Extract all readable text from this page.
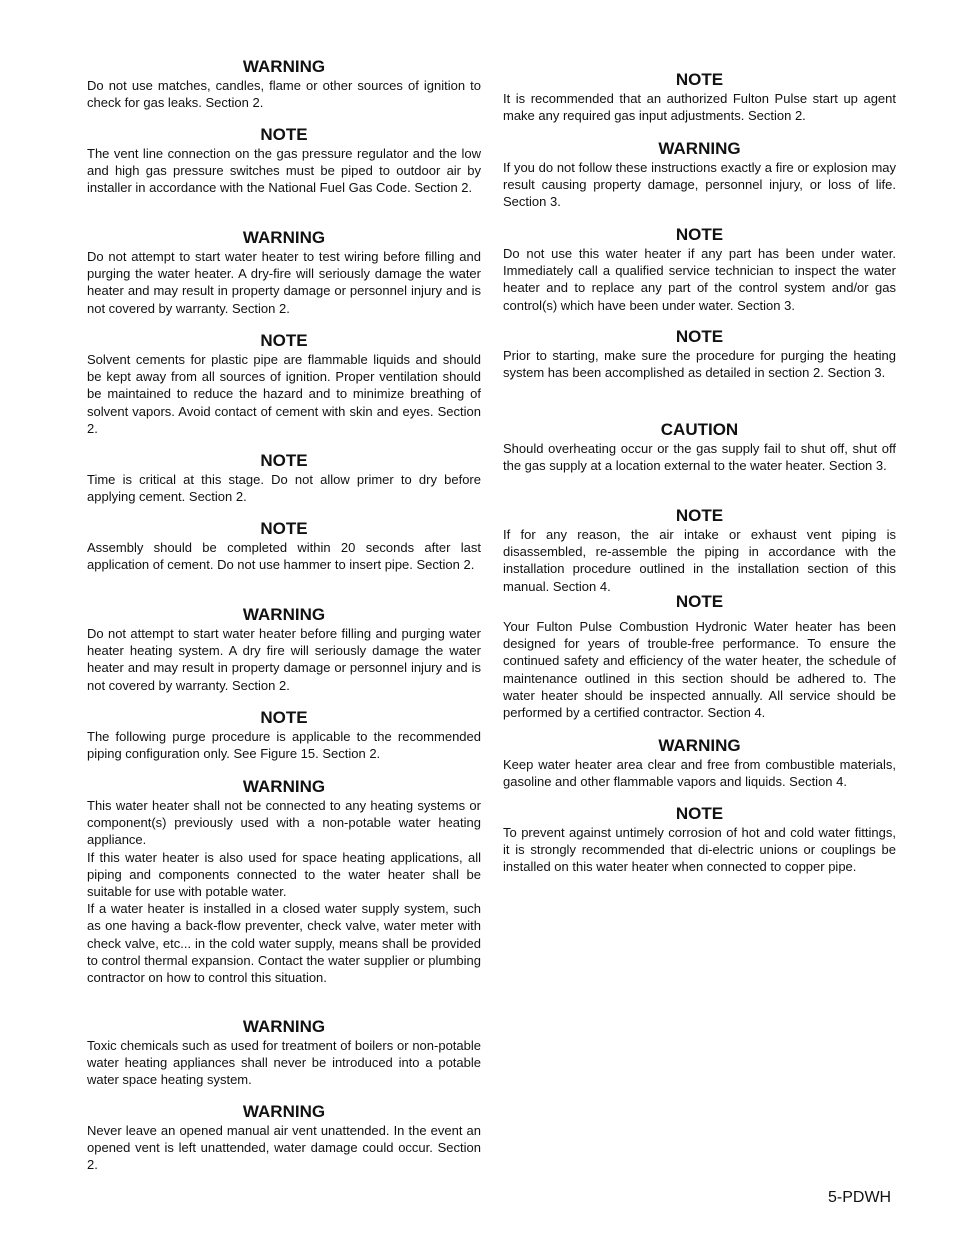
WARNING

Do not use matches, candles, flame or other sources of ignition to check for gas leaks. Section 2.

NOTE

The vent line connection on the gas pressure regulator and the low and high gas pressure switches must be piped to outdoor air by installer in accordance with the National Fuel Gas Code. Section 2.

WARNING

Do not attempt to start water heater to test wiring before filling and purging the water heater. A dry-fire will seriously damage the water heater and may result in property damage or personnel injury and is not covered by warranty. Section 2.

NOTE

Solvent cements for plastic pipe are flammable liquids and should be kept away from all sources of ignition. Proper ventilation should be maintained to reduce the hazard and to minimize breathing of solvent vapors. Avoid contact of cement with skin and eyes. Section 2.

NOTE

Time is critical at this stage. Do not allow primer to dry before applying cement. Section 2.

NOTE

Assembly should be completed within 20 seconds after last application of cement. Do not use hammer to insert pipe. Section 2.

WARNING

Do not attempt to start water heater before filling and purging water heater heating system. A dry fire will seriously damage the water heater and may result in property damage or personnel injury and is not covered by warranty. Section 2.

NOTE

The following purge procedure is applicable to the recommended piping configuration only. See Figure 15. Section 2.

WARNING

This water heater shall not be connected to any heating systems or component(s) previously used with a non-potable water heating appliance.

If this water heater is also used for space heating applications, all piping and components connected to the water heater shall be suitable for use with potable water.

If a water heater is installed in a closed water supply system, such as one having a back-flow preventer, check valve, water meter with check valve, etc... in the cold water supply, means shall be provided to control thermal expansion. Contact the water supplier or plumbing contractor on how to control this situation.

WARNING

Toxic chemicals such as used for treatment of boilers or non-potable water heating appliances shall never be introduced into a potable water space heating system.

WARNING

Never leave an opened manual air vent unattended. In the event an opened vent is left unattended, water damage could occur. Section 2.

NOTE

It is recommended that an authorized Fulton Pulse start up agent make any required gas input adjustments. Section 2.

WARNING

If you do not follow these instructions exactly a fire or explosion may result causing property damage, personnel injury, or loss of life. Section 3.

NOTE

Do not use this water heater if any part has been under water. Immediately call a qualified service technician to inspect the water heater and to replace any part of the control system and/or gas control(s) which have been under water. Section 3.

NOTE

Prior to starting, make sure the procedure for purging the heating system has been accomplished as detailed in section 2. Section 3.

CAUTION

Should overheating occur or the gas supply fail to shut off, shut off the gas supply at a location external to the water heater. Section 3.

NOTE

If for any reason, the air intake or exhaust vent piping is disassembled, re-assemble the piping in accordance with the installation procedure outlined in the installation section of this manual. Section 4.

NOTE

Your Fulton Pulse Combustion Hydronic Water heater has been designed for years of trouble-free performance. To ensure the continued safety and efficiency of the water heater, the schedule of maintenance outlined in this section should be adhered to. The water heater should be inspected annually. All service should be performed by a certified contractor. Section 4.

WARNING

Keep water heater area clear and free from combustible materials, gasoline and other flammable vapors and liquids. Section 4.

NOTE

To prevent against untimely corrosion of hot and cold water fittings, it is strongly recommended that di-electric unions or couplings be installed on this water heater when connected to copper pipe.

5-PDWH
